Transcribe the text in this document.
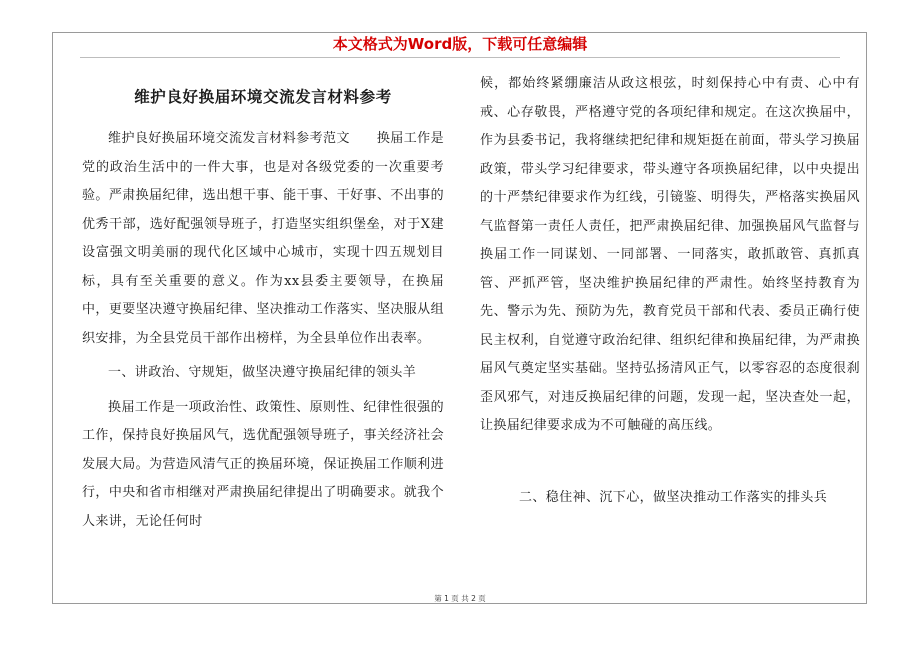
本文格式为Word版，下载可任意编辑
维护良好换届环境交流发言材料参考

维护良好换届环境交流发言材料参考范文　　换届工作是党的政治生活中的一件大事，也是对各级党委的一次重要考验。严肃换届纪律，选出想干事、能干事、干好事、不出事的优秀干部，选好配强领导班子，打造坚实组织堡垒，对于X建设富强文明美丽的现代化区域中心城市，实现十四五规划目标，具有至关重要的意义。作为xx县委主要领导，在换届中，更要坚决遵守换届纪律、坚决推动工作落实、坚决服从组织安排，为全县党员干部作出榜样，为全县单位作出表率。

一、讲政治、守规矩，做坚决遵守换届纪律的领头羊

换届工作是一项政治性、政策性、原则性、纪律性很强的工作，保持良好换届风气，选优配强领导班子，事关经济社会发展大局。为营造风清气正的换届环境，保证换届工作顺利进行，中央和省市相继对严肃换届纪律提出了明确要求。就我个人来讲，无论任何时

候，都始终紧绷廉洁从政这根弦，时刻保持心中有责、心中有戒、心存敬畏，严格遵守党的各项纪律和规定。在这次换届中，作为县委书记，我将继续把纪律和规矩挺在前面，带头学习换届政策，带头学习纪律要求，带头遵守各项换届纪律，以中央提出的十严禁纪律要求作为红线，引镜鉴、明得失，严格落实换届风气监督第一责任人责任，把严肃换届纪律、加强换届风气监督与换届工作一同谋划、一同部署、一同落实，敢抓敢管、真抓真管、严抓严管，坚决维护换届纪律的严肃性。始终坚持教育为先、警示为先、预防为先，教育党员干部和代表、委员正确行使民主权利，自觉遵守政治纪律、组织纪律和换届纪律，为严肃换届风气奠定坚实基础。坚持弘扬清风正气，以零容忍的态度很刹歪风邪气，对违反换届纪律的问题，发现一起，坚决查处一起，让换届纪律要求成为不可触碰的高压线。

二、稳住神、沉下心，做坚决推动工作落实的排头兵

第 1 页 共 2 页
